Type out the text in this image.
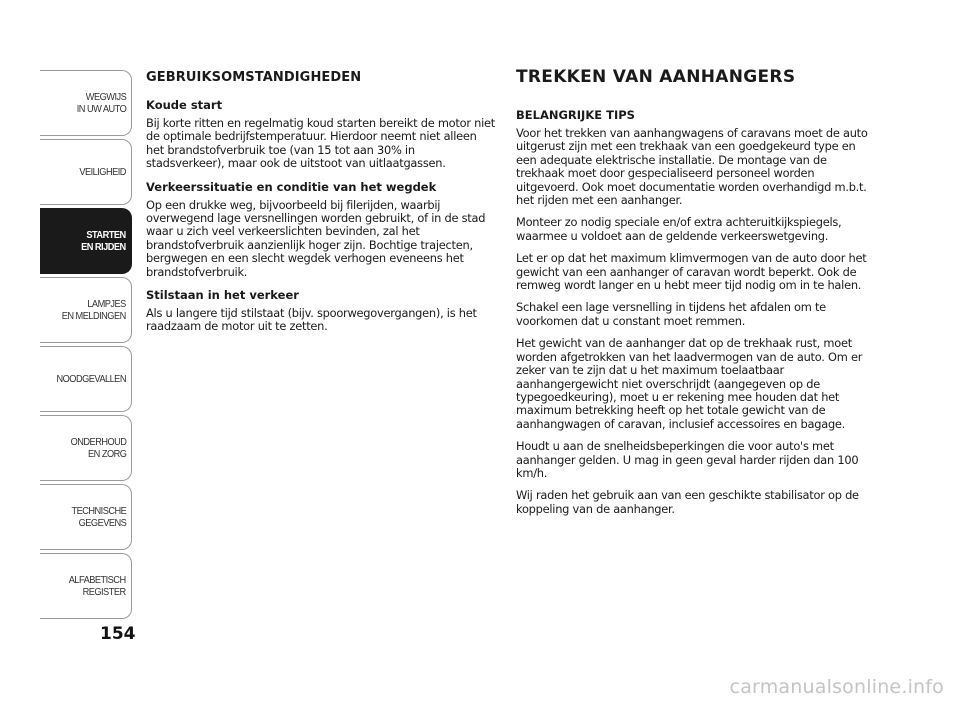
WEGWIJS
IN UW AUTO
VEILIGHEID
STARTEN
EN RIJDEN
LAMPJES
EN MELDINGEN
NOODGEVALLEN
ONDERHOUD
EN ZORG
TECHNISCHE
GEGEVENS
ALFABETISCH
REGISTER
154
GEBRUIKSOMSTANDIGHEDEN
Koude start

Bij korte ritten en regelmatig koud starten bereikt de motor niet de optimale bedrijfstemperatuur. Hierdoor neemt niet alleen het brandstofverbruik toe (van 15 tot aan 30% in stadsverkeer), maar ook de uitstoot van uitlaatgassen.

Verkeerssituatie en conditie van het wegdek

Op een drukke weg, bijvoorbeeld bij filerijden, waarbij overwegend lage versnellingen worden gebruikt, of in de stad waar u zich veel verkeerslichten bevinden, zal het brandstofverbruik aanzienlijk hoger zijn. Bochtige trajecten, bergwegen en een slecht wegdek verhogen eveneens het brandstofverbruik.

Stilstaan in het verkeer

Als u langere tijd stilstaat (bijv. spoorwegovergangen), is het raadzaam de motor uit te zetten.

TREKKEN VAN AANHANGERS
BELANGRIJKE TIPS

Voor het trekken van aanhangwagens of caravans moet de auto uitgerust zijn met een trekhaak van een goedgekeurd type en een adequate elektrische installatie. De montage van de trekhaak moet door gespecialiseerd personeel worden uitgevoerd. Ook moet documentatie worden overhandigd m.b.t. het rijden met een aanhanger.

Monteer zo nodig speciale en/of extra achteruitkijkspiegels, waarmee u voldoet aan de geldende verkeerswetgeving.

Let er op dat het maximum klimvermogen van de auto door het gewicht van een aanhanger of caravan wordt beperkt. Ook de remweg wordt langer en u hebt meer tijd nodig om in te halen.

Schakel een lage versnelling in tijdens het afdalen om te voorkomen dat u constant moet remmen.

Het gewicht van de aanhanger dat op de trekhaak rust, moet worden afgetrokken van het laadvermogen van de auto. Om er zeker van te zijn dat u het maximum toelaatbaar aanhangergewicht niet overschrijdt (aangegeven op de typegoedkeuring), moet u er rekening mee houden dat het maximum betrekking heeft op het totale gewicht van de aanhangwagen of caravan, inclusief accessoires en bagage.

Houdt u aan de snelheidsbeperkingen die voor auto's met aanhanger gelden. U mag in geen geval harder rijden dan 100 km/h.

Wij raden het gebruik aan van een geschikte stabilisator op de koppeling van de aanhanger.

carmanualsonline.info
